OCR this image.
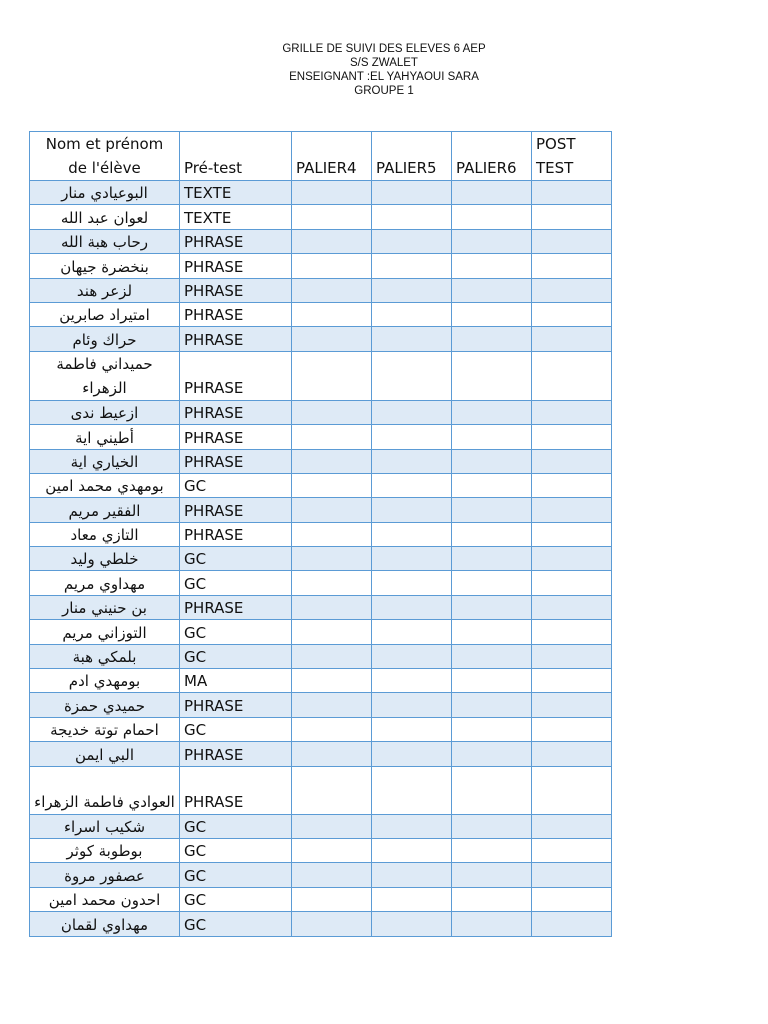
GRILLE DE SUIVI DES ELEVES 6 AEP
S/S ZWALET
ENSEIGNANT :EL YAHYAOUI SARA
GROUPE 1
Nom et prénom de l'élève	Pré-test	PALIER4	PALIER5	PALIER6	POST TEST
البوعيادي منار	TEXTE				
لعوان عبد الله	TEXTE				
رحاب هبة الله	PHRASE				
بنخضرة جيهان	PHRASE				
لزعر هند	PHRASE				
امتيراد صابرين	PHRASE				
حراك وئام	PHRASE				
حميداني فاطمة الزهراء	PHRASE				
ازعيط ندى	PHRASE				
أطيني اية	PHRASE				
الخياري اية	PHRASE				
بومهدي محمد امين	GC				
الفقير مريم	PHRASE				
التازي معاد	PHRASE				
خلطي وليد	GC				
مهداوي مريم	GC				
بن حنيني منار	PHRASE				
التوزاني مريم	GC				
بلمكي هبة	GC				
بومهدي ادم	MA				
حميدي حمزة	PHRASE				
احمام توتة خديجة	GC				
البي ايمن	PHRASE				
العوادي فاطمة الزهراء	PHRASE				
شكيب اسراء	GC				
بوطوبة كوثر	GC				
عصفور مروة	GC				
احدون محمد امين	GC				
مهداوي لقمان	GC				
